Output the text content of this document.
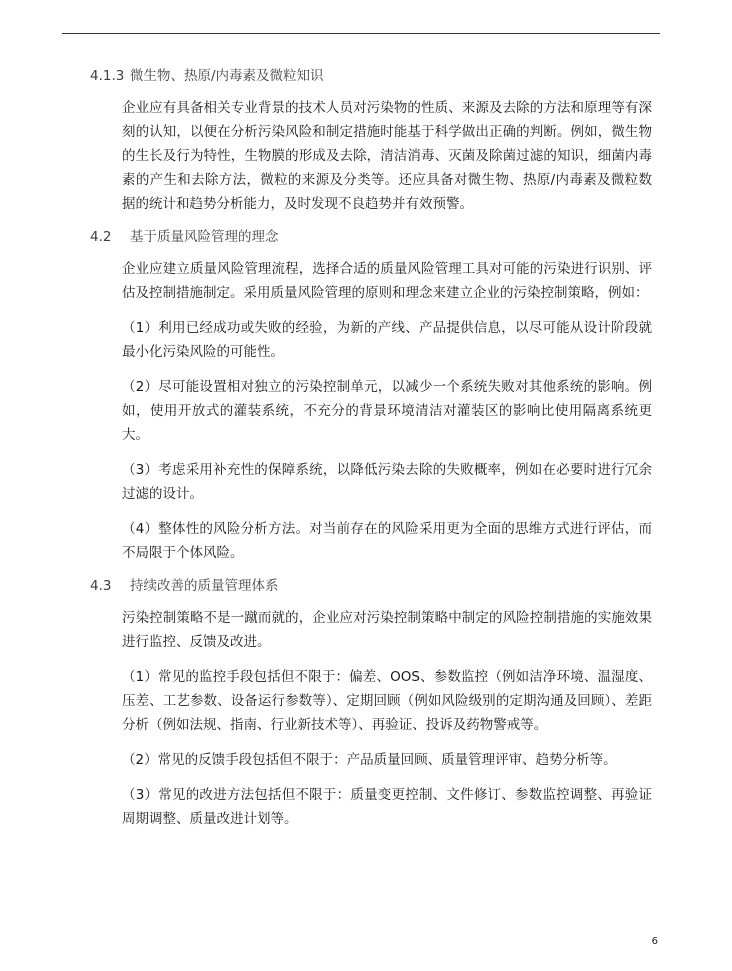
4.1.3 微生物、热原/内毒素及微粒知识

企业应有具备相关专业背景的技术人员对污染物的性质、来源及去除的方法和原理等有深刻的认知，以便在分析污染风险和制定措施时能基于科学做出正确的判断。例如，微生物的生长及行为特性，生物膜的形成及去除，清洁消毒、灭菌及除菌过滤的知识，细菌内毒素的产生和去除方法，微粒的来源及分类等。还应具备对微生物、热原/内毒素及微粒数据的统计和趋势分析能力，及时发现不良趋势并有效预警。

4.2 基于质量风险管理的理念

企业应建立质量风险管理流程，选择合适的质量风险管理工具对可能的污染进行识别、评估及控制措施制定。采用质量风险管理的原则和理念来建立企业的污染控制策略，例如：

（1）利用已经成功或失败的经验，为新的产线、产品提供信息，以尽可能从设计阶段就最小化污染风险的可能性。

（2）尽可能设置相对独立的污染控制单元，以减少一个系统失败对其他系统的影响。例如，使用开放式的灌装系统，不充分的背景环境清洁对灌装区的影响比使用隔离系统更大。

（3）考虑采用补充性的保障系统，以降低污染去除的失败概率，例如在必要时进行冗余过滤的设计。

（4）整体性的风险分析方法。对当前存在的风险采用更为全面的思维方式进行评估，而不局限于个体风险。

4.3 持续改善的质量管理体系

污染控制策略不是一蹴而就的，企业应对污染控制策略中制定的风险控制措施的实施效果进行监控、反馈及改进。

（1）常见的监控手段包括但不限于：偏差、OOS、参数监控（例如洁净环境、温湿度、压差、工艺参数、设备运行参数等）、定期回顾（例如风险级别的定期沟通及回顾）、差距分析（例如法规、指南、行业新技术等）、再验证、投诉及药物警戒等。

（2）常见的反馈手段包括但不限于：产品质量回顾、质量管理评审、趋势分析等。

（3）常见的改进方法包括但不限于：质量变更控制、文件修订、参数监控调整、再验证周期调整、质量改进计划等。

6
